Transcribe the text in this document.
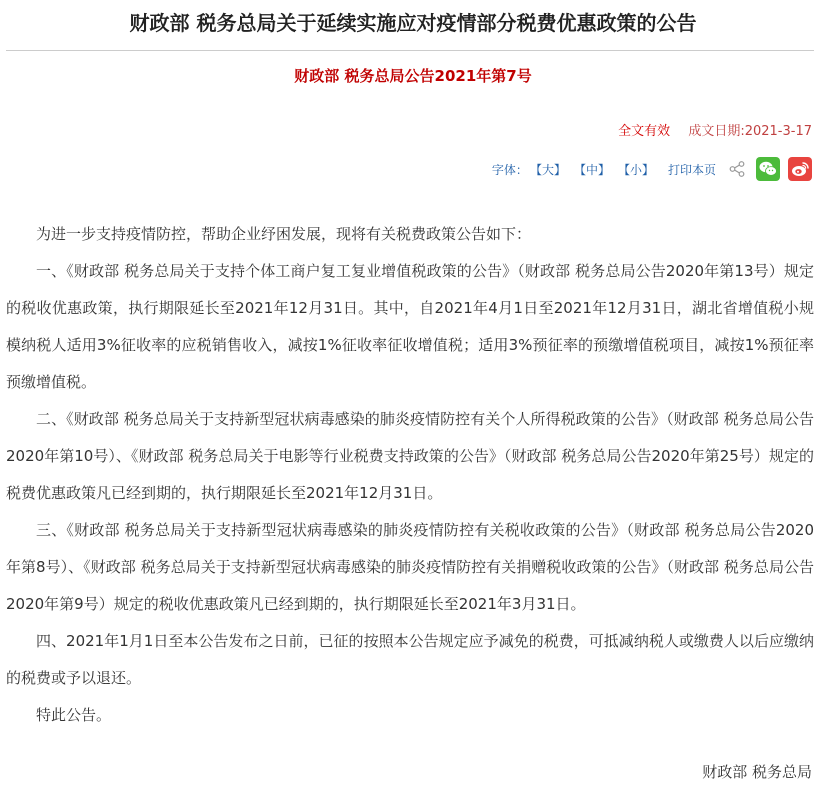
财政部 税务总局关于延续实施应对疫情部分税费优惠政策的公告
财政部 税务总局公告2021年第7号
全文有效 成文日期:2021-3-17
字体： 【大】 【中】 【小】 打印本页

为进一步支持疫情防控，帮助企业纾困发展，现将有关税费政策公告如下：

一、《财政部 税务总局关于支持个体工商户复工复业增值税政策的公告》（财政部 税务总局公告2020年第13号）规定的税收优惠政策，执行期限延长至2021年12月31日。其中，自2021年4月1日至2021年12月31日，湖北省增值税小规模纳税人适用3%征收率的应税销售收入，减按1%征收率征收增值税；适用3%预征率的预缴增值税项目，减按1%预征率预缴增值税。

二、《财政部 税务总局关于支持新型冠状病毒感染的肺炎疫情防控有关个人所得税政策的公告》（财政部 税务总局公告2020年第10号）、《财政部 税务总局关于电影等行业税费支持政策的公告》（财政部 税务总局公告2020年第25号）规定的税费优惠政策凡已经到期的，执行期限延长至2021年12月31日。

三、《财政部 税务总局关于支持新型冠状病毒感染的肺炎疫情防控有关税收政策的公告》（财政部 税务总局公告2020年第8号）、《财政部 税务总局关于支持新型冠状病毒感染的肺炎疫情防控有关捐赠税收政策的公告》（财政部 税务总局公告2020年第9号）规定的税收优惠政策凡已经到期的，执行期限延长至2021年3月31日。

四、2021年1月1日至本公告发布之日前，已征的按照本公告规定应予减免的税费，可抵减纳税人或缴费人以后应缴纳的税费或予以退还。

特此公告。

财政部 税务总局
